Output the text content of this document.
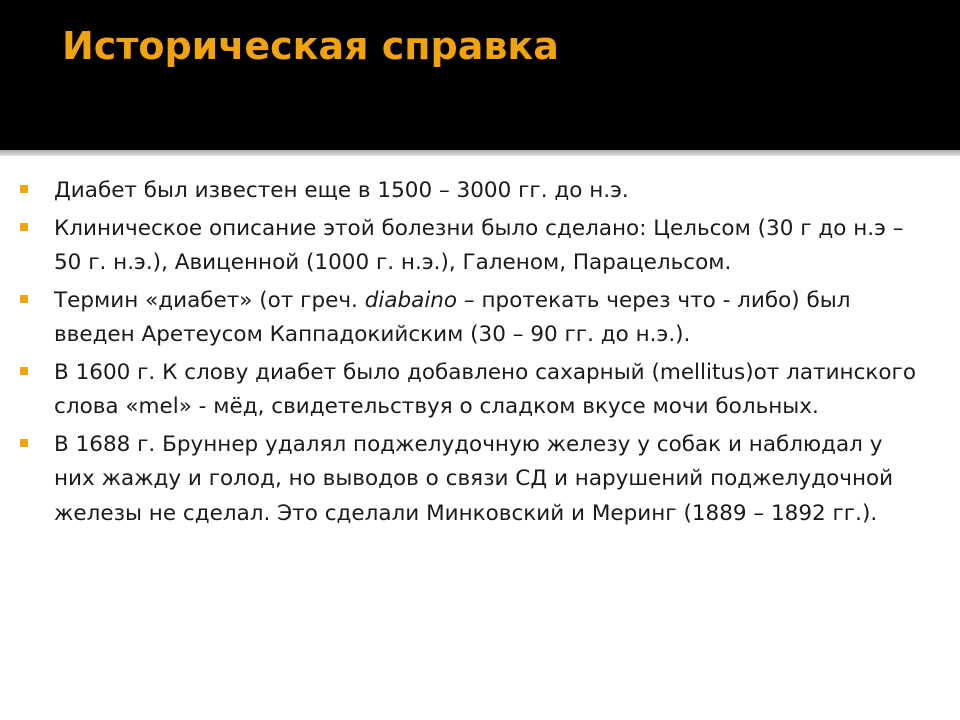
Историческая справка
Диабет был известен еще в 1500 – 3000 гг. до н.э.
Клиническое описание этой болезни было сделано: Цельсом (30 г до н.э – 50 г. н.э.), Авиценной (1000 г. н.э.), Галеном, Парацельсом.
Термин «диабет» (от греч. diabaino – протекать через что - либо) был введен Аретеусом Каппадокийским (30 – 90 гг. до н.э.).
В 1600 г. К слову диабет было добавлено сахарный (mellitus)от латинского слова «mel» - мёд, свидетельствуя о сладком вкусе мочи больных.
В 1688 г. Бруннер удалял поджелудочную железу у собак и наблюдал у них жажду и голод, но выводов о связи СД и нарушений поджелудочной железы не сделал. Это сделали Минковский и Меринг (1889 – 1892 гг.).
